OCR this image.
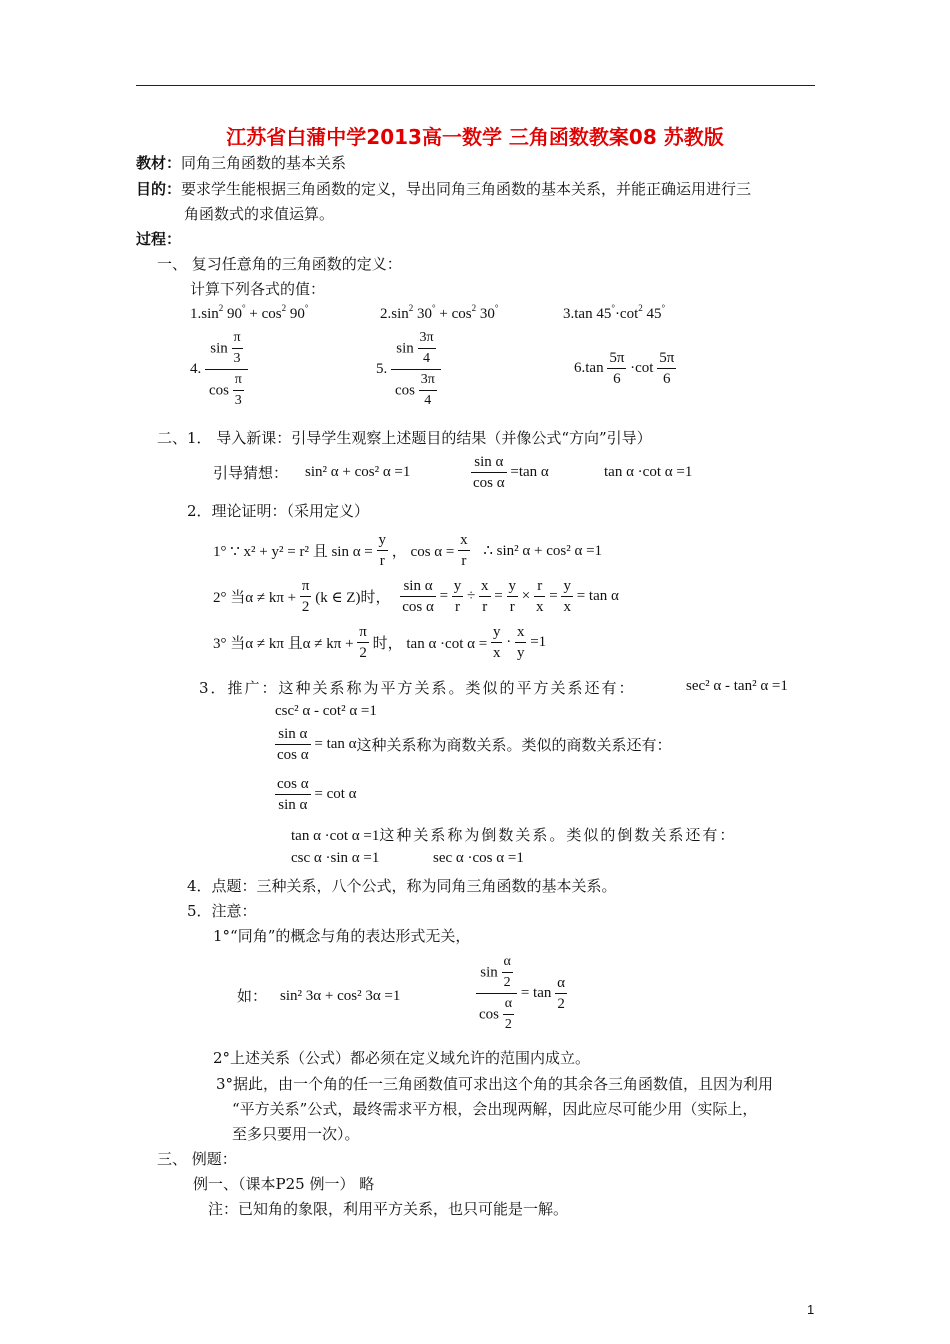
江苏省白蒲中学2013高一数学 三角函数教案08 苏教版
教材：同角三角函数的基本关系
目的：要求学生能根据三角函数的定义，导出同角三角函数的基本关系，并能正确运用进行三
角函数式的求值运算。
过程：
一、 复习任意角的三角函数的定义：
计算下列各式的值：
$1.\sin^2$ $90^\circ + \cos^2 90^\circ$	$2.\sin^2$ $30^\circ + \cos^2 30^\circ$	3.tan $45^\circ\cdot\cot^2$ 45°
4. $\frac{\sin \frac{\pi}{3}}{\cos \frac{\pi}{3}}$	5. $\frac{\sin \frac{3\pi}{4}}{\cos \frac{3\pi}{4}}$	$6.\tan \frac{5\pi}{6} \cdot\cot \frac{5\pi}{6}$
二、1． 导入新课：引导学生观察上述题目的结果（并像公式“方向”引导）
引导猜想： sin² α + cos² α =1	$\frac{\text{sin α}}{\text{cos α}} =\tan$ α	tan α ·cot α =1
2．理论证明：（采用定义）
1° ∵ x² + y² = r² 且 $\sin \alpha = \frac{y}{r}$ ， $\cos \alpha = \frac{x}{r}$ ∴ sin² α + cos² α =1
2° 当$\alpha \ne k\pi + \frac{\pi}{2} (k$ ∈ Z)时， $\frac{\text{sin α}}{\text{cos α}} = \frac{y}{r} \div \frac{x}{r} = \frac{y}{r} \times \frac{r}{x} = \frac{y}{x} = \tan \alpha$
3° 当α ≠ kπ 且$\alpha \ne k\pi + \frac{\pi}{2}$ 时， tan α ·cot $\alpha = \frac{y}{x} \cdot \frac{x}{y} =1$
3．推广：这种关系称为平方关系。类似的平方关系还有：	sec² α - tan² α =1
csc² α - cot² α =1
$\frac{\text{sin α}}{\text{cos α}} = \tan \alpha$这种关系称为商数关系。类似的商数关系还有：
$\frac{\text{cos α}}{\text{sin α}} = \cot \alpha$
tan α ·cot α =1这种关系称为倒数关系。类似的倒数关系还有：
csc α ·sin α =1	sec α ·cos α =1
4．点题：三种关系，八个公式，称为同角三角函数的基本关系。
5．注意：
1°“同角”的概念与角的表达形式无关，
如： sin² 3α + cos² 3α =1	$\frac{\sin \frac{\alpha}{2}}{\cos \frac{\alpha}{2}} = \tan \frac{\alpha}{2}$
2°上述关系（公式）都必须在定义域允许的范围内成立。
3°据此，由一个角的任一三角函数值可求出这个角的其余各三角函数值，且因为利用
“平方关系”公式，最终需求平方根，会出现两解，因此应尽可能少用（实际上，
至多只要用一次）。
三、 例题：
例一、（课本P25 例一） 略
注：已知角的象限，利用平方关系，也只可能是一解。
1
